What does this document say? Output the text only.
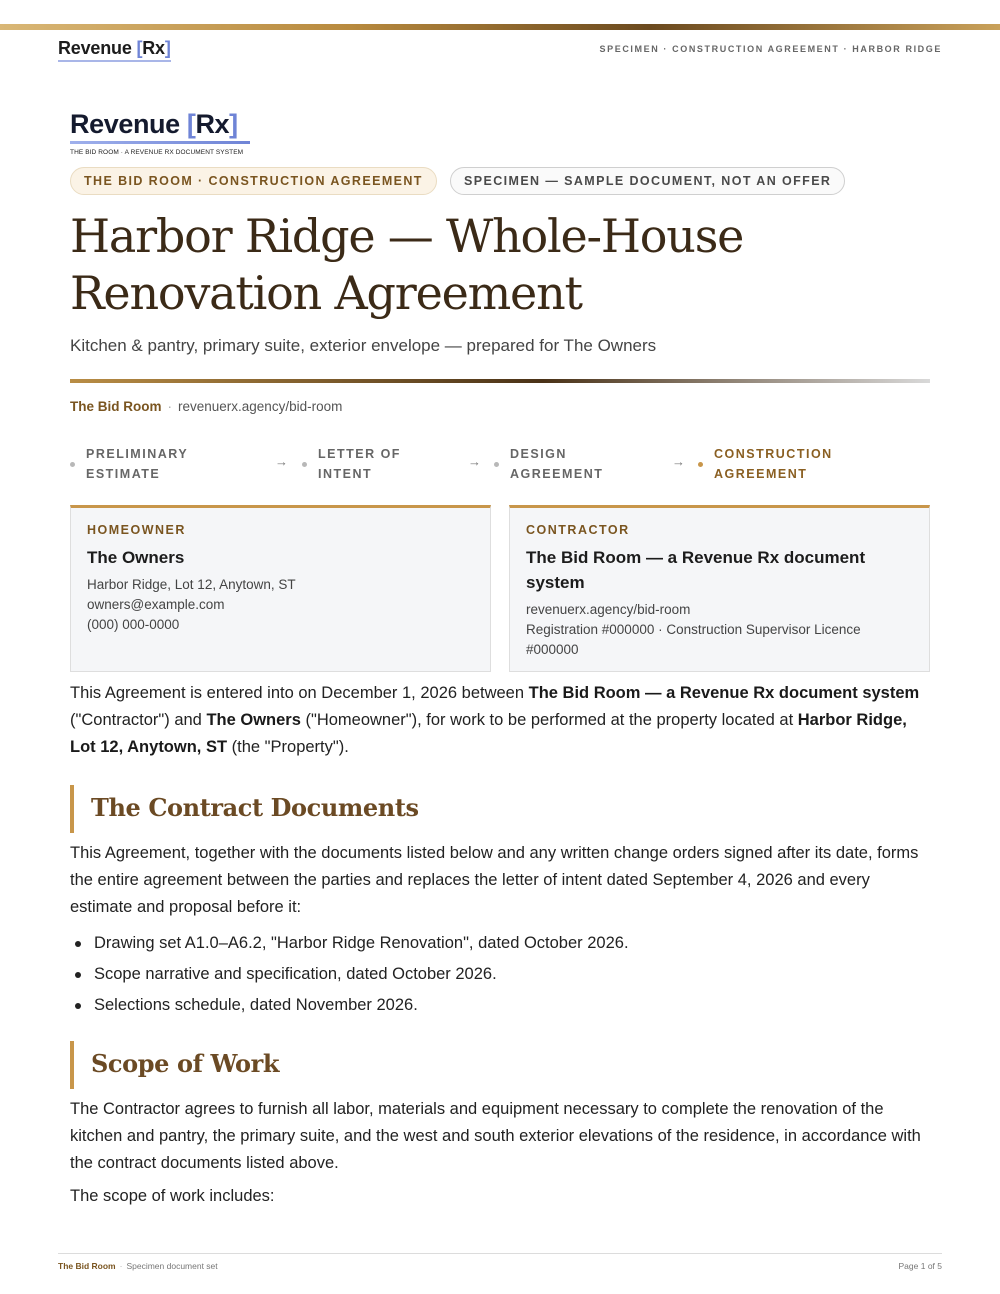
Revenue [Rx]	SPECIMEN · CONSTRUCTION AGREEMENT · HARBOR RIDGE
Revenue [Rx]
THE BID ROOM · A REVENUE RX DOCUMENT SYSTEM
THE BID ROOM · CONSTRUCTION AGREEMENT	SPECIMEN — SAMPLE DOCUMENT, NOT AN OFFER
Harbor Ridge — Whole-House Renovation Agreement
Kitchen & pantry, primary suite, exterior envelope — prepared for The Owners
The Bid Room · revenuerx.agency/bid-room
PRELIMINARY
ESTIMATE
→ LETTER OF
INTENT
→ DESIGN
AGREEMENT
→ CONSTRUCTION
AGREEMENT
HOMEOWNER
The Owners
Harbor Ridge, Lot 12, Anytown, ST
owners@example.com
(000) 000-0000
CONTRACTOR
The Bid Room — a Revenue Rx document system
revenuerx.agency/bid-room
Registration #000000 · Construction Supervisor Licence #000000

This Agreement is entered into on December 1, 2026 between The Bid Room — a Revenue Rx document system ("Contractor") and The Owners ("Homeowner"), for work to be performed at the property located at Harbor Ridge, Lot 12, Anytown, ST (the "Property").

The Contract Documents

This Agreement, together with the documents listed below and any written change orders signed after its date, forms the entire agreement between the parties and replaces the letter of intent dated September 4, 2026 and every estimate and proposal before it:

Drawing set A1.0–A6.2, "Harbor Ridge Renovation", dated October 2026.
Scope narrative and specification, dated October 2026.
Selections schedule, dated November 2026.
Scope of Work

The Contractor agrees to furnish all labor, materials and equipment necessary to complete the renovation of the kitchen and pantry, the primary suite, and the west and south exterior elevations of the residence, in accordance with the contract documents listed above.

The scope of work includes:

The Bid Room · Specimen document set	Page 1 of 5
